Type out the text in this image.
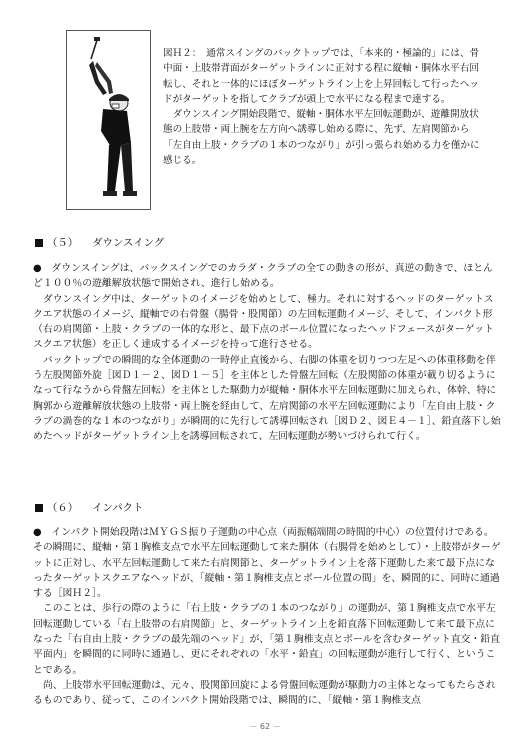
図Ｈ２：　通常スイングのバックトップでは、「本来的・極論的」には、骨中面・上肢帯背面がターゲットラインに正対する程に縦軸・胴体水平右回転し、それと一体的にほぼターゲットライン上を上昇回転して行ったヘッドがターゲットを指してクラブが頭上で水平になる程まで達する。

ダウンスイング開始段階で、縦軸・胴体水平左回転運動が、遊離開放状態の上肢帯・両上腕を左方向へ誘導し始める際に、先ず、左肩関節から「左自由上肢・クラブの１本のつながり」が引っ張られ始める力を僅かに感じる。

（５） ダウンスイング

●　ダウンスイングは、バックスイングでのカラダ・クラブの全ての動きの形が、真逆の動きで、ほとんど１００％の遊離解放状態で開始され、進行し始める。

ダウンスイング中は、ターゲットのイメージを始めとして、極力。それに対するヘッドのターゲットスクエア状態のイメージ、縦軸での右骨盤（腸骨・股関節）の左回転運動イメージ、そして、インパクト形（右の肩関節・上肢・クラブの一体的な形と、最下点のボール位置になったヘッドフェースがターゲットスクエア状態）を正しく達成するイメージを持って進行させる。

バックトップでの瞬間的な全体運動の一時停止直後から、右脚の体重を切りつつ左足への体重移動を伴う左股関節外旋［図Ｄ１－２、図Ｄ１－５］を主体とした骨盤左回転（左股関節の体重が載り切るようになって行なうから骨盤左回転）を主体とした駆動力が縦軸・胴体水平左回転運動に加えられ、体幹、特に胸郭から遊離解放状態の上肢帯・両上腕を経由して、左肩関節の水平左回転運動により「左自由上肢・クラブの渦巻的な１本のつながり」が瞬間的に先行して誘導回転され［図Ｄ２、図Ｅ４－１］、鉛直落下し始めたヘッドがターゲットライン上を誘導回転されて、左回転運動が勢いづけられて行く。

（６） インパクト

●　インパクト開始段階はＭＹＧＳ振り子運動の中心点（両振幅端間の時間的中心）の位置付けである。その瞬間に、縦軸・第１胸椎支点で水平左回転運動して来た胴体（右腸骨を始めとして）・上肢帯がターゲットに正対し、水平左回転運動して来た右肩関節と、ターゲットライン上を落下運動した来て最下点になったターゲットスクエアなヘッドが、「縦軸・第１胸椎支点とボール位置の間」を、瞬間的に、同時に通過する［図Ｈ２］。

このことは、歩行の際のように「右上肢・クラブの１本のつながり」の運動が、第１胸椎支点で水平左回転運動している「右上肢帯の右肩関節」と、ターゲットライン上を鉛直落下回転運動して来て最下点になった「右自由上肢・クラブの最先端のヘッド」が、「第１胸椎支点とボールを含むターゲット直交・鉛直平面内」を瞬間的に同時に通過し、更にそれぞれの「水平・鉛直」の回転運動が進行して行く、ということである。

尚、上肢帯水平回転運動は、元々、股関節回旋による骨盤回転運動が駆動力の主体となってもたらされるものであり、従って、このインパクト開始段階では、瞬間的に、「縦軸・第１胸椎支点

－ 62 －
